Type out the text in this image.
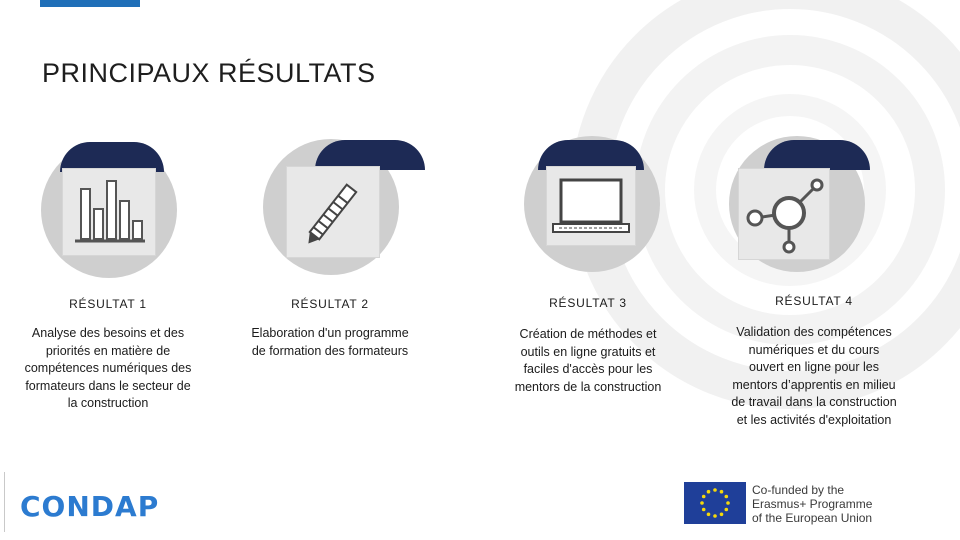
PRINCIPAUX RÉSULTATS
RÉSULTAT 1
Analyse des besoins et des
priorités en matière de
compétences numériques des
formateurs dans le secteur de
la construction
RÉSULTAT 2
Elaboration d'un programme
de formation des formateurs
RÉSULTAT 3
Création de méthodes et
outils en ligne gratuits et
faciles d'accès pour les
mentors de la construction
RÉSULTAT 4
Validation des compétences
numériques et du cours
ouvert en ligne pour les
mentors d’apprentis en milieu
de travail dans la construction
et les activités d'exploitation
CONDAP	Co-funded by the
Erasmus+ Programme
of the European Union
